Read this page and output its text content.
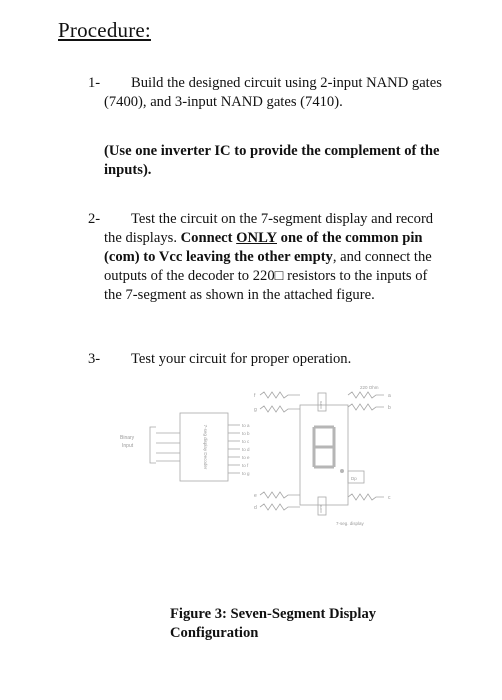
Procedure:
1-	Build the designed circuit using 2-input NAND gates (7400), and 3-input NAND gates (7410).
(Use one inverter IC to provide the complement of the inputs).
2-	Test the circuit on the 7-segment display and record the displays. Connect ONLY one of the common pin (com) to Vcc leaving the other empty, and connect the outputs of the decoder to 220□ resistors to the inputs of the 7-segment as shown in the attached figure.
3-	Test your circuit for proper operation.
Binary
Input	7-seg display Decoder	to a
to b
to c
to d
to e
to f
to g
220 Ohm
com
com
f
g
a
b
e
d
c
Dp
7-seg. display
Figure 3: Seven-Segment Display Configuration
